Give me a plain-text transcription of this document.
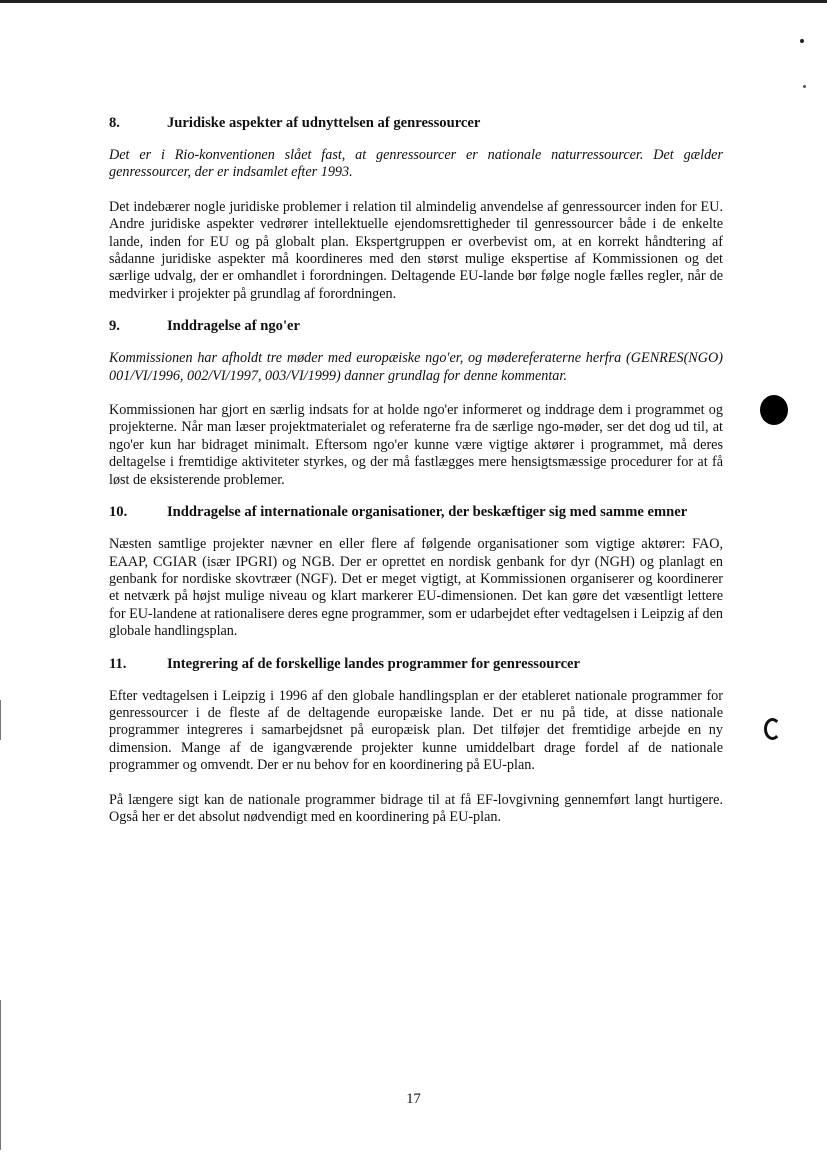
8.	Juridiske aspekter af udnyttelsen af genressourcer

Det er i Rio-konventionen slået fast, at genressourcer er nationale naturressourcer. Det gælder genressourcer, der er indsamlet efter 1993.

Det indebærer nogle juridiske problemer i relation til almindelig anvendelse af genressourcer inden for EU. Andre juridiske aspekter vedrører intellektuelle ejendomsrettigheder til genressourcer både i de enkelte lande, inden for EU og på globalt plan. Ekspertgruppen er overbevist om, at en korrekt håndtering af sådanne juridiske aspekter må koordineres med den størst mulige ekspertise af Kommissionen og det særlige udvalg, der er omhandlet i forordningen. Deltagende EU-lande bør følge nogle fælles regler, når de medvirker i projekter på grundlag af forordningen.

9.	Inddragelse af ngo'er

Kommissionen har afholdt tre møder med europæiske ngo'er, og mødereferaterne herfra (GENRES(NGO) 001/VI/1996, 002/VI/1997, 003/VI/1999) danner grundlag for denne kommentar.

Kommissionen har gjort en særlig indsats for at holde ngo'er informeret og inddrage dem i programmet og projekterne. Når man læser projektmaterialet og referaterne fra de særlige ngo-møder, ser det dog ud til, at ngo'er kun har bidraget minimalt. Eftersom ngo'er kunne være vigtige aktører i programmet, må deres deltagelse i fremtidige aktiviteter styrkes, og der må fastlægges mere hensigtsmæssige procedurer for at få løst de eksisterende problemer.

10.	Inddragelse af internationale organisationer, der beskæftiger sig med samme emner

Næsten samtlige projekter nævner en eller flere af følgende organisationer som vigtige aktører: FAO, EAAP, CGIAR (især IPGRI) og NGB. Der er oprettet en nordisk genbank for dyr (NGH) og planlagt en genbank for nordiske skovtræer (NGF). Det er meget vigtigt, at Kommissionen organiserer og koordinerer et netværk på højst mulige niveau og klart markerer EU-dimensionen. Det kan gøre det væsentligt lettere for EU-landene at rationalisere deres egne programmer, som er udarbejdet efter vedtagelsen i Leipzig af den globale handlingsplan.

11.	Integrering af de forskellige landes programmer for genressourcer

Efter vedtagelsen i Leipzig i 1996 af den globale handlingsplan er der etableret nationale programmer for genressourcer i de fleste af de deltagende europæiske lande. Det er nu på tide, at disse nationale programmer integreres i samarbejdsnet på europæisk plan. Det tilføjer det fremtidige arbejde en ny dimension. Mange af de igangværende projekter kunne umiddelbart drage fordel af de nationale programmer og omvendt. Der er nu behov for en koordinering på EU-plan.

På længere sigt kan de nationale programmer bidrage til at få EF-lovgivning gennemført langt hurtigere. Også her er det absolut nødvendigt med en koordinering på EU-plan.

17
